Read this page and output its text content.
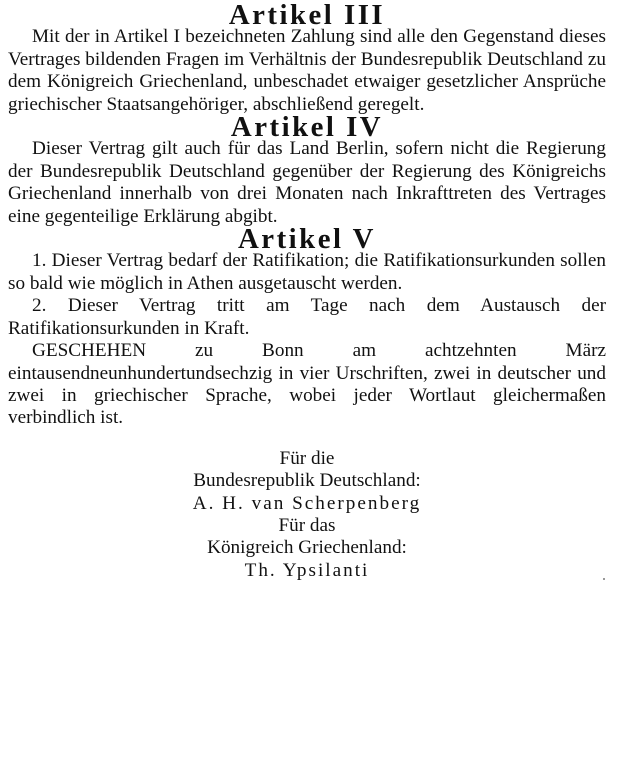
Artikel III

Mit der in Artikel I bezeichneten Zahlung sind alle den Gegenstand dieses Vertrages bildenden Fragen im Verhältnis der Bundesrepublik Deutschland zu dem Königreich Griechenland, unbeschadet etwaiger gesetzlicher Ansprüche griechischer Staatsangehöriger, abschließend geregelt.

Artikel IV

Dieser Vertrag gilt auch für das Land Berlin, sofern nicht die Regierung der Bundesrepublik Deutschland gegenüber der Regierung des Königreichs Griechenland innerhalb von drei Monaten nach Inkrafttreten des Vertrages eine gegenteilige Erklärung abgibt.

Artikel V

1. Dieser Vertrag bedarf der Ratifikation; die Ratifikationsurkunden sollen so bald wie möglich in Athen ausgetauscht werden.

2. Dieser Vertrag tritt am Tage nach dem Austausch der Ratifikationsurkunden in Kraft.

GESCHEHEN zu Bonn am achtzehnten März eintausendneunhundertundsechzig in vier Urschriften, zwei in deutscher und zwei in griechischer Sprache, wobei jeder Wortlaut gleichermaßen verbindlich ist.

Für die

Bundesrepublik Deutschland:

A. H. van Scherpenberg

Für das

Königreich Griechenland:

Th. Ypsilanti
